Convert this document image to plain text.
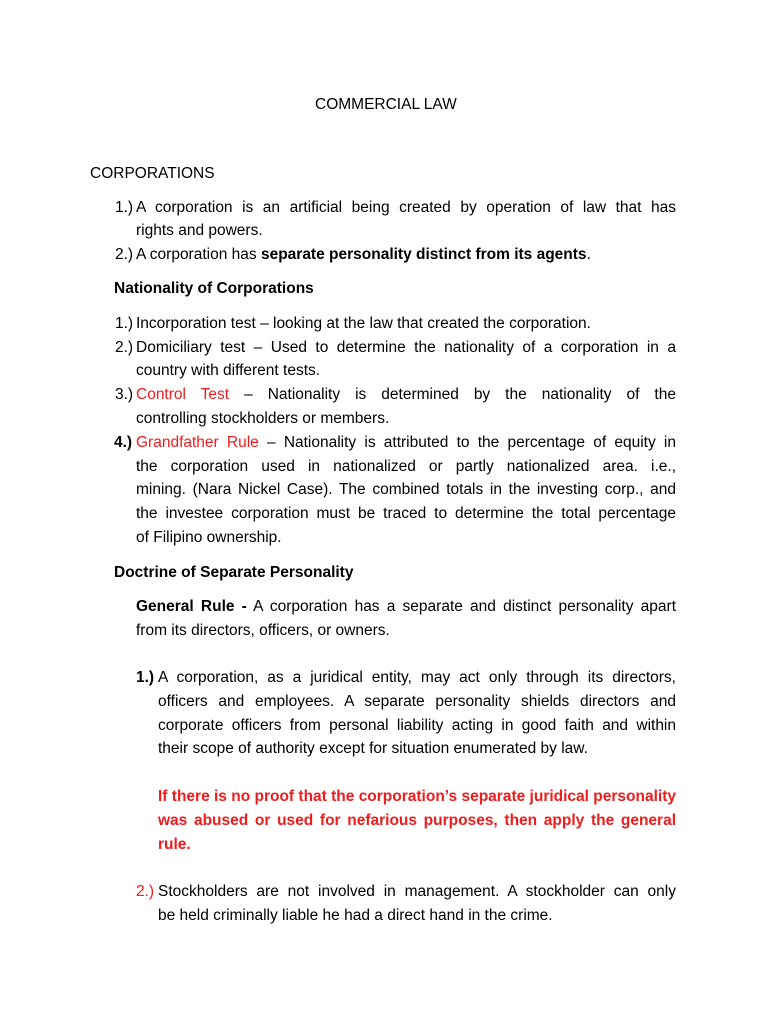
COMMERCIAL LAW
CORPORATIONS
1.) A corporation is an artificial being created by operation of law that has
rights and powers.
2.) A corporation has separate personality distinct from its agents.
Nationality of Corporations
1.) Incorporation test – looking at the law that created the corporation.
2.) Domiciliary test – Used to determine the nationality of a corporation in a
country with different tests.
3.) Control Test – Nationality is determined by the nationality of the
controlling stockholders or members.
4.) Grandfather Rule – Nationality is attributed to the percentage of equity in
the corporation used in nationalized or partly nationalized area. i.e.,
mining. (Nara Nickel Case). The combined totals in the investing corp., and
the investee corporation must be traced to determine the total percentage
of Filipino ownership.
Doctrine of Separate Personality
General Rule - A corporation has a separate and distinct personality apart
from its directors, officers, or owners.
1.) A corporation, as a juridical entity, may act only through its directors,
officers and employees. A separate personality shields directors and
corporate officers from personal liability acting in good faith and within
their scope of authority except for situation enumerated by law.
If there is no proof that the corporation’s separate juridical personality
was abused or used for nefarious purposes, then apply the general
rule.
2.) Stockholders are not involved in management. A stockholder can only
be held criminally liable he had a direct hand in the crime.
